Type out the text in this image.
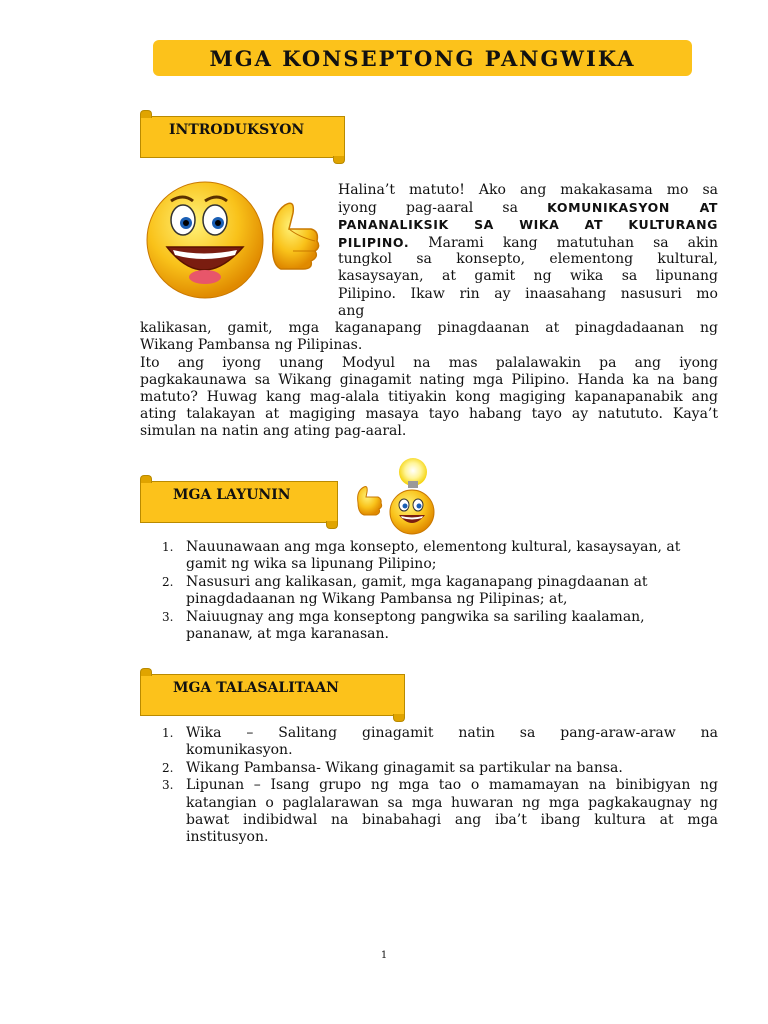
MGA KONSEPTONG PANGWIKA
INTRODUKSYON
Halina’t matuto! Ako ang makakasama mo sa
iyong pag-aaral sa KOMUNIKASYON AT
PANANALIKSIK SA WIKA AT KULTURANG
PILIPINO. Marami kang matutuhan sa akin
tungkol sa konsepto, elementong kultural,
kasaysayan, at gamit ng wika sa lipunang
Pilipino. Ikaw rin ay inaasahang nasusuri mo
ang
kalikasan, gamit, mga kaganapang pinagdaanan at pinagdadaanan ng
Wikang Pambansa ng Pilipinas.
Ito ang iyong unang Modyul na mas palalawakin pa ang iyong
pagkakaunawa sa Wikang ginagamit nating mga Pilipino. Handa ka na bang
matuto? Huwag kang mag-alala titiyakin kong magiging kapanapanabik ang
ating talakayan at magiging masaya tayo habang tayo ay natututo. Kaya’t
simulan na natin ang ating pag-aaral.
MGA LAYUNIN
1. Nauunawaan ang mga konsepto, elementong kultural, kasaysayan, at
gamit ng wika sa lipunang Pilipino;
2. Nasusuri ang kalikasan, gamit, mga kaganapang pinagdaanan at
pinagdadaanan ng Wikang Pambansa ng Pilipinas; at,
3. Naiuugnay ang mga konseptong pangwika sa sariling kaalaman,
pananaw, at mga karanasan.
MGA TALASALITAAN
1. Wika – Salitang ginagamit natin sa pang-araw-araw na
komunikasyon.
2. Wikang Pambansa- Wikang ginagamit sa partikular na bansa.
3. Lipunan – Isang grupo ng mga tao o mamamayan na binibigyan ng
katangian o paglalarawan sa mga huwaran ng mga pagkakaugnay ng
bawat indibidwal na binabahagi ang iba’t ibang kultura at mga
institusyon.
1
